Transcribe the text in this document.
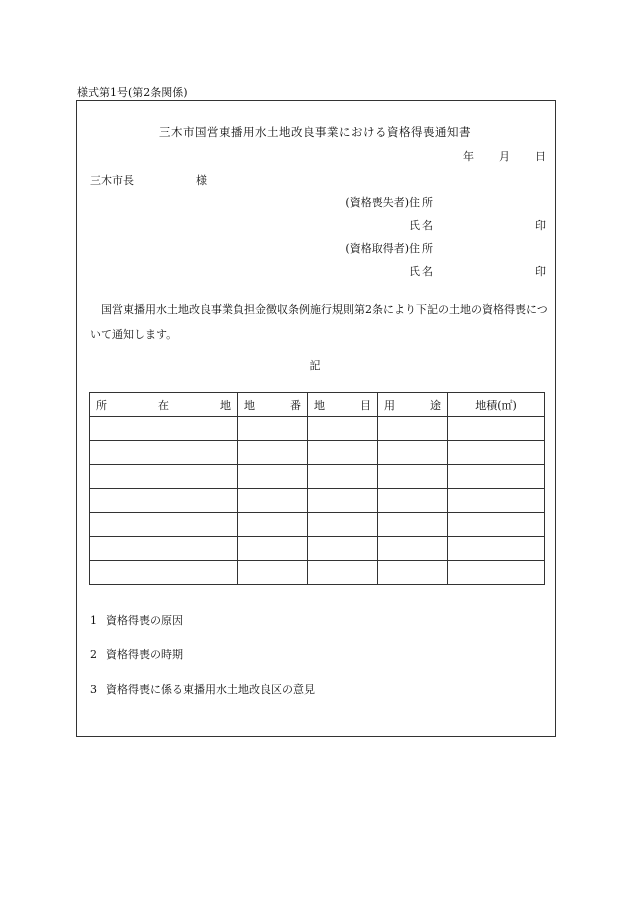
様式第1号(第2条関係)
三木市国営東播用水土地改良事業における資格得喪通知書
年 月 日
三木市長	様
(資格喪失者)住 所
氏 名	印
(資格取得者)住 所
氏 名	印
国営東播用水土地改良事業負担金徴収条例施行規則第2条により下記の土地の資格得喪について通知します。
記
所在地	地番	地目	用途	地積(㎡)

1 資格得喪の原因
2 資格得喪の時期
3 資格得喪に係る東播用水土地改良区の意見
